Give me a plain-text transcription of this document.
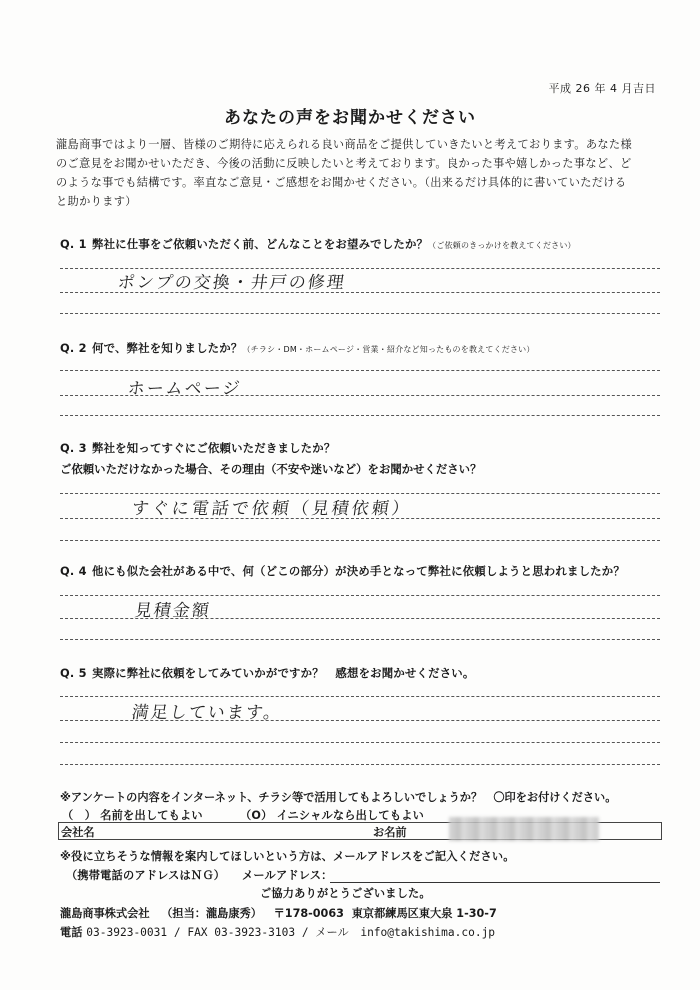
平成 26 年 4 月吉日
あなたの声をお聞かせください
瀧島商事ではより一層、皆様のご期待に応えられる良い商品をご提供していきたいと考えております。あなた様
のご意見をお聞かせいただき、今後の活動に反映したいと考えております。良かった事や嬉しかった事など、ど
のような事でも結構です。率直なご意見・ご感想をお聞かせください。（出来るだけ具体的に書いていただける
と助かります）
Q. 1 弊社に仕事をご依頼いただく前、どんなことをお望みでしたか？（ご依頼のきっかけを教えてください）
ポンプの交換・井戸の修理
Q. 2 何で、弊社を知りましたか？（チラシ・DM・ホームページ・営業・紹介など知ったものを教えてください）
ホームページ
Q. 3 弊社を知ってすぐにご依頼いただきましたか？
ご依頼いただけなかった場合、その理由（不安や迷いなど）をお聞かせください？
すぐに電話で依頼（見積依頼）
Q. 4 他にも似た会社がある中で、何（どこの部分）が決め手となって弊社に依頼しようと思われましたか？
見積金額
Q. 5 実際に弊社に依頼をしてみていかがですか？　感想をお聞かせください。
満足しています。
※アンケートの内容をインターネット、チラシ等で活用してもよろしいでしょうか？　〇印をお付けください。
（　） 名前を出してもよい	（O） イニシャルなら出してもよい
会社名	お名前
※役に立ちそうな情報を案内してほしいという方は、メールアドレスをご記入ください。
（携帯電話のアドレスはＮＧ） メールアドレス：
ご協力ありがとうございました。
瀧島商事株式会社 （担当：瀧島康秀） 〒178-0063 東京都練馬区東大泉 1-30-7
電話 03-3923-0031 / FAX 03-3923-3103 / メール info@takishima.co.jp
